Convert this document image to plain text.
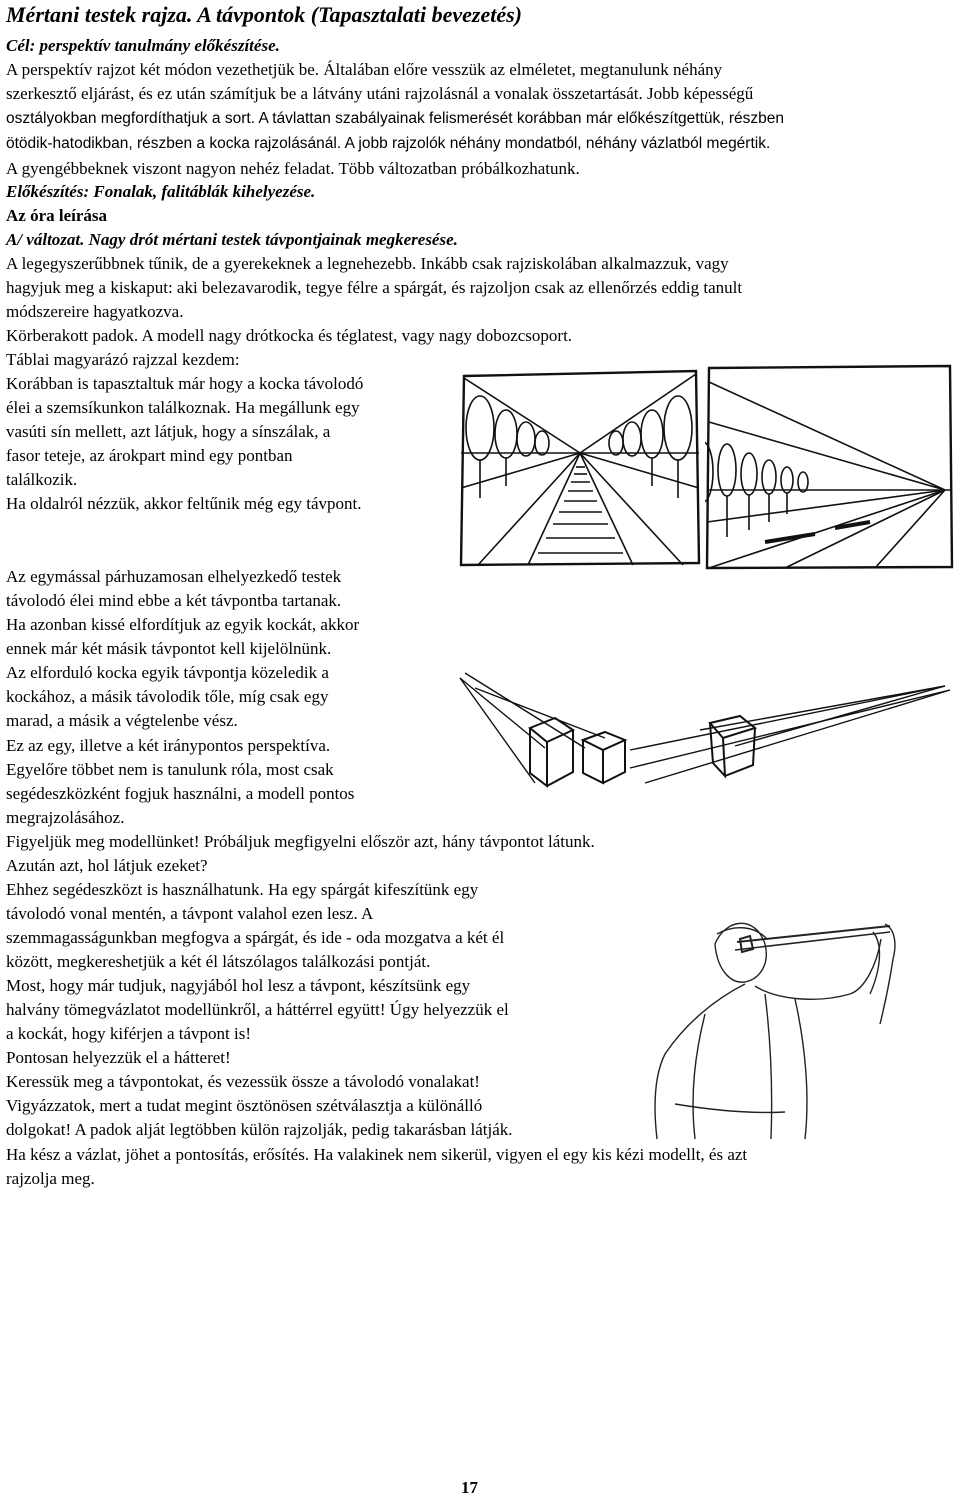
Mértani testek rajza. A távpontok (Tapasztalati bevezetés)
Cél: perspektív tanulmány előkészítése.
A perspektív rajzot két módon vezethetjük be. Általában előre vesszük az elméletet, megtanulunk néhány
szerkesztő eljárást, és ez után számítjuk be a látvány utáni rajzolásnál a vonalak összetartását. Jobb képességű
osztályokban megfordíthatjuk a sort. A távlattan szabályainak felismerését korábban már előkészítgettük, részben
ötödik-hatodikban, részben a kocka rajzolásánál. A jobb rajzolók néhány mondatból, néhány vázlatból megértik.
A gyengébbeknek viszont nagyon nehéz feladat. Több változatban próbálkozhatunk.
Előkészítés: Fonalak, falitáblák kihelyezése.
Az óra leírása
A/ változat. Nagy drót mértani testek távpontjainak megkeresése.
A legegyszerűbbnek tűnik, de a gyerekeknek a legnehezebb. Inkább csak rajziskolában alkalmazzuk, vagy
hagyjuk meg a kiskaput: aki belezavarodik, tegye félre a spárgát, és rajzoljon csak az ellenőrzés eddig tanult
módszereire hagyatkozva.
Körberakott padok. A modell nagy drótkocka és téglatest, vagy nagy dobozcsoport.
Táblai magyarázó rajzzal kezdem:
Korábban is tapasztaltuk már hogy a kocka távolodó
élei a szemsíkunkon találkoznak. Ha megállunk egy
vasúti sín mellett, azt látjuk, hogy a sínszálak, a
fasor teteje, az árokpart mind egy pontban
találkozik.
Ha oldalról nézzük, akkor feltűnik még egy távpont.
Az egymással párhuzamosan elhelyezkedő testek
távolodó élei mind ebbe a két távpontba tartanak.
Ha azonban kissé elfordítjuk az egyik kockát, akkor
ennek már két másik távpontot kell kijelölnünk.
Az elforduló kocka egyik távpontja közeledik a
kockához, a másik távolodik tőle, míg csak egy
marad, a másik a végtelenbe vész.
Ez az egy, illetve a két iránypontos perspektíva.
Egyelőre többet nem is tanulunk róla, most csak
segédeszközként fogjuk használni, a modell pontos
megrajzolásához.
Figyeljük meg modellünket! Próbáljuk megfigyelni először azt, hány távpontot látunk.
Azután azt, hol látjuk ezeket?
Ehhez segédeszközt is használhatunk. Ha egy spárgát kifeszítünk egy
távolodó vonal mentén, a távpont valahol ezen lesz. A
szemmagasságunkban megfogva a spárgát, és ide - oda mozgatva a két él
között, megkereshetjük a két él látszólagos találkozási pontját.
Most, hogy már tudjuk, nagyjából hol lesz a távpont, készítsünk egy
halvány tömegvázlatot modellünkről, a háttérrel együtt! Úgy helyezzük el
a kockát, hogy kiférjen a távpont is!
Pontosan helyezzük el a hátteret!
Keressük meg a távpontokat, és vezessük össze a távolodó vonalakat!
Vigyázzatok, mert a tudat megint ösztönösen szétválasztja a különálló
dolgokat! A padok alját legtöbben külön rajzolják, pedig takarásban látják.
Ha kész a vázlat, jöhet a pontosítás, erősítés. Ha valakinek nem sikerül, vigyen el egy kis kézi modellt, és azt
rajzolja meg.
17
